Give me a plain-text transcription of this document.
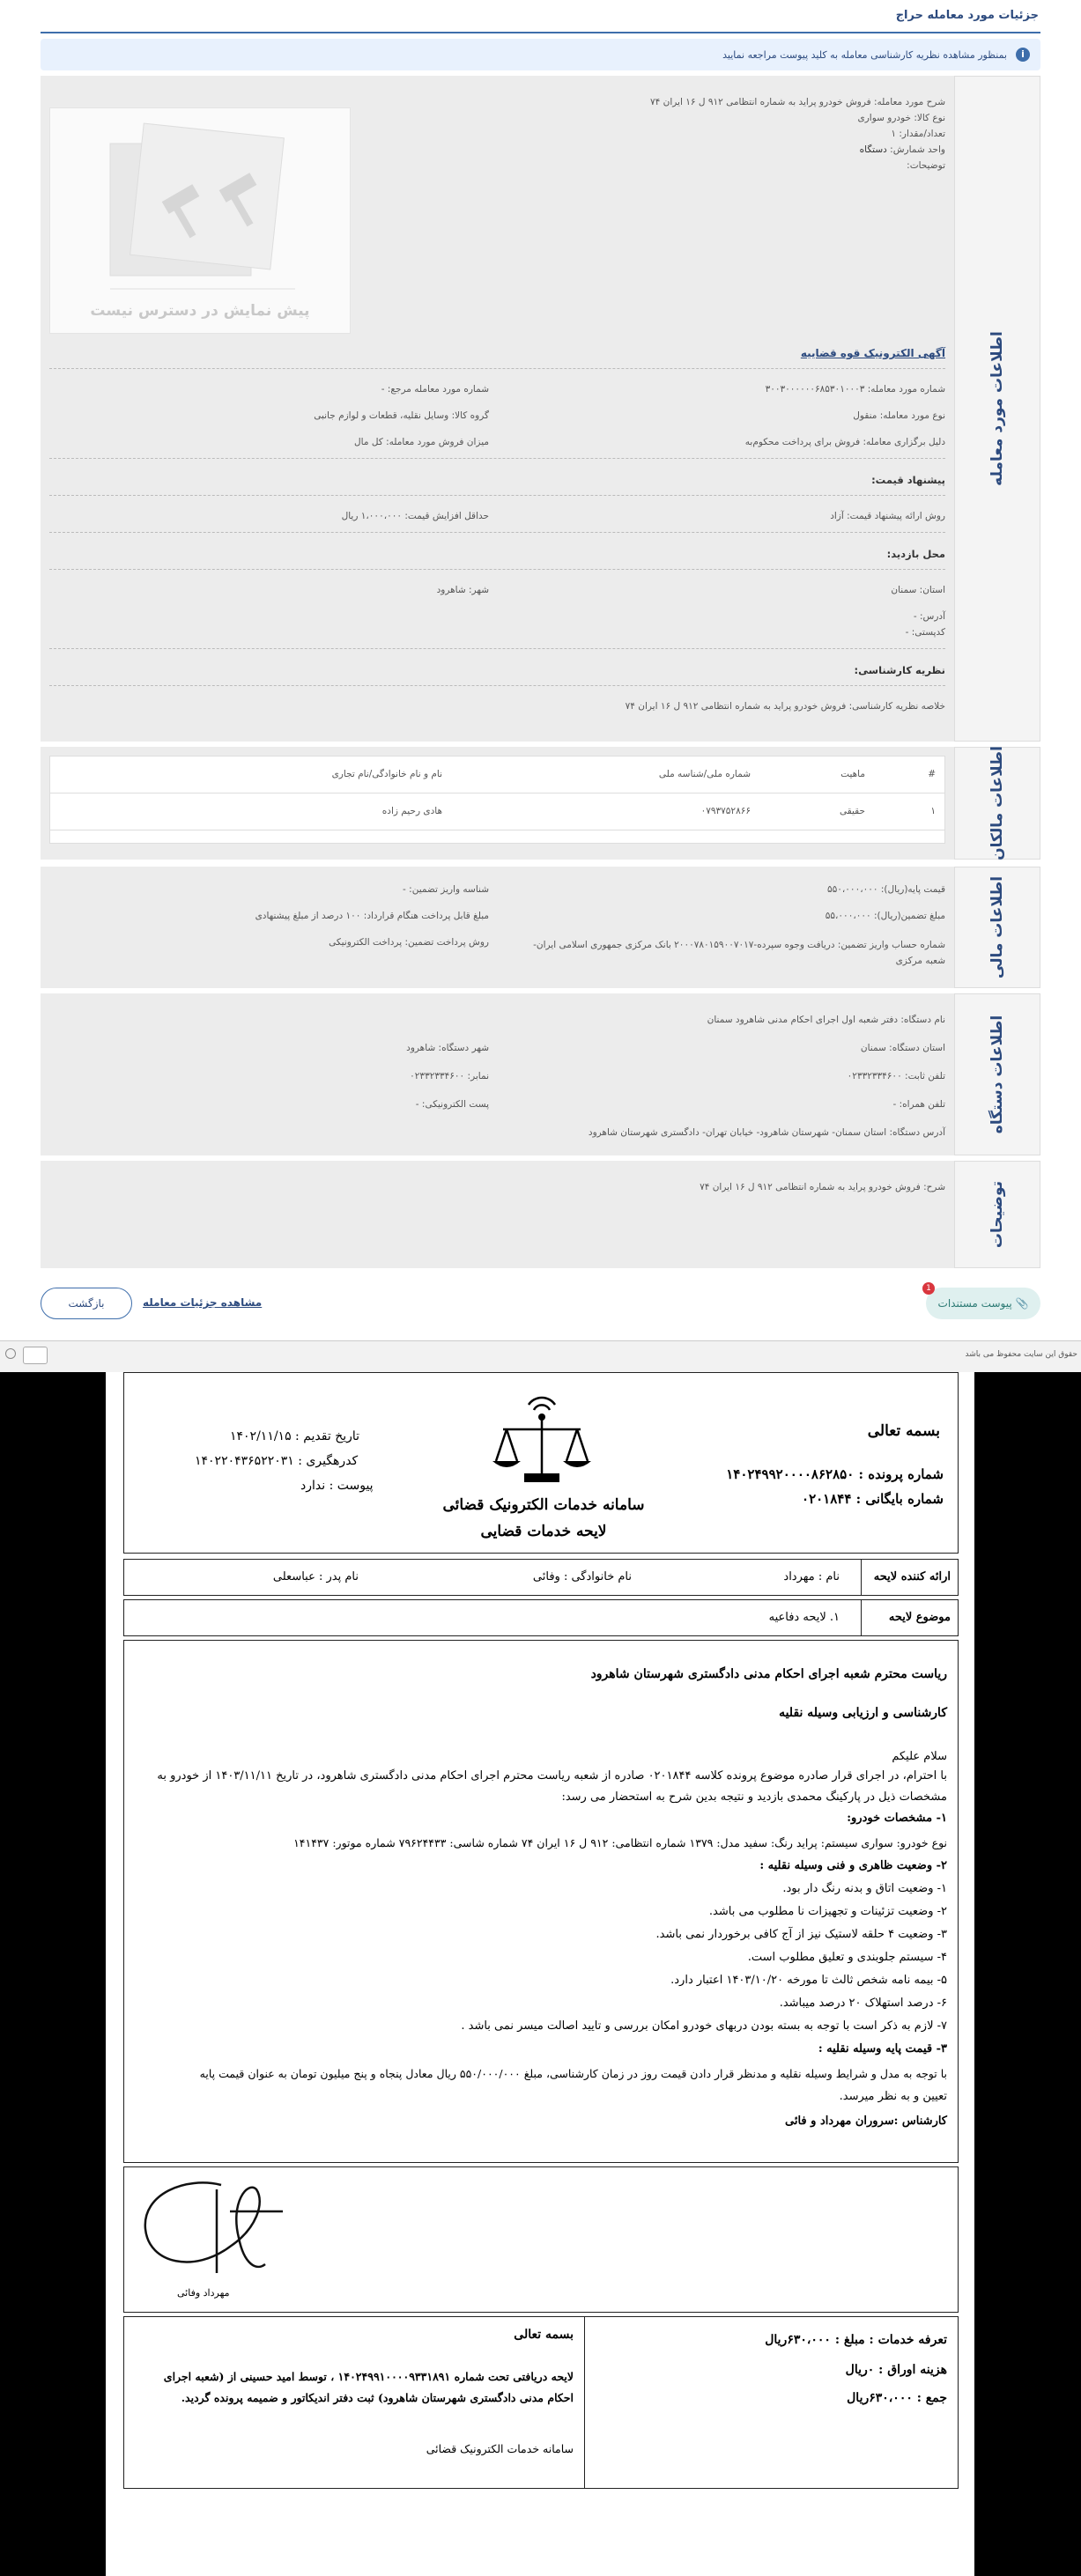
جزئیات مورد معامله حراج
i
بمنظور مشاهده نظریه کارشناسی معامله به کلید پیوست مراجعه نمایید
اطلاعات مورد معامله
شرح مورد معامله: فروش خودرو پراید به شماره انتظامی ۹۱۲ ل ۱۶ ایران ۷۴
نوع کالا: خودرو سواری
تعداد/مقدار: ۱
واحد شمارش: دستگاه
توضیحات:
پیش نمایش در دسترس نیست
آگهی الکترونیک قوه قضاییه
شماره مورد معامله: ۳۰۰۳۰۰۰۰۰۰۶۸۵۳۰۱۰۰۰۳
شماره مورد معامله مرجع: -
نوع مورد معامله: منقول
گروه کالا: وسایل نقلیه، قطعات و لوازم جانبی
دلیل برگزاری معامله: فروش برای پرداخت محکوم‌به
میزان فروش مورد معامله: کل مال
پیشنهاد قیمت:
روش ارائه پیشنهاد قیمت: آزاد
حداقل افزایش قیمت: ۱،۰۰۰،۰۰۰ ریال
محل بازدید:
استان: سمنان
شهر: شاهرود
آدرس: -
کدپستی: -
نظریه کارشناسی:
خلاصه نظریه کارشناسی: فروش خودرو پراید به شماره انتظامی ۹۱۲ ل ۱۶ ایران ۷۴
اطلاعات مالکان
#
ماهیت
شماره ملی/شناسه ملی
نام و نام خانوادگی/نام تجاری
۱
حقیقی
۰۷۹۳۷۵۲۸۶۶
هادی رحیم زاده
اطلاعات مالی
قیمت پایه(ریال): ۵۵۰،۰۰۰،۰۰۰
شناسه واریز تضمین: -
مبلغ تضمین(ریال): ۵۵،۰۰۰،۰۰۰
مبلغ قابل پرداخت هنگام قرارداد: ۱۰۰ درصد از مبلغ پیشنهادی
شماره حساب واریز تضمین: دریافت وجوه سپرده-۲۰۰۰۷۸۰۱۵۹۰۰۷۰۱۷ بانک مرکزی جمهوری اسلامی ایران- شعبه مرکزی
روش پرداخت تضمین: پرداخت الکترونیکی
اطلاعات دستگاه
نام دستگاه: دفتر شعبه اول اجرای احکام مدنی شاهرود سمنان
استان دستگاه: سمنان
شهر دستگاه: شاهرود
تلفن ثابت: ۰۲۳۳۲۳۳۴۶۰۰
نمابر: ۰۲۳۳۲۳۳۴۶۰۰
تلفن همراه: -
پست الکترونیکی: -
آدرس دستگاه: استان سمنان- شهرستان شاهرود- خیابان تهران- دادگستری شهرستان شاهرود
توضیحات
شرح: فروش خودرو پراید به شماره انتظامی ۹۱۲ ل ۱۶ ایران ۷۴
بازگشت	مشاهده جزئیات معامله
1
📎 پیوست مستندات
حقوق این سایت محفوظ می باشد
بسمه تعالی
شماره پرونده : ۱۴۰۲۴۹۹۲۰۰۰۰۸۶۲۸۵۰
شماره بایگانی : ۰۲۰۱۸۴۴
تاریخ تقدیم : ۱۴۰۲/۱۱/۱۵
کدرهگیری : ۱۴۰۲۲۰۴۳۶۵۲۲۰۳۱
پیوست : ندارد
سامانه خدمات الکترونیک قضائی
لایحه خدمات قضایی
ارائه کننده لایحه
نام : مهرداد
نام خانوادگی : وفائی
نام پدر : عباسعلی
موضوع لایحه
۱. لایحه دفاعیه
ریاست محترم شعبه اجرای احکام مدنی دادگستری شهرستان شاهرود
کارشناسی و ارزیابی وسیله نقلیه
سلام علیکم
با احترام، در اجرای قرار صادره موضوع پرونده کلاسه ۰۲۰۱۸۴۴ صادره از شعبه ریاست محترم اجرای احکام مدنی دادگستری شاهرود، در تاریخ ۱۴۰۳/۱۱/۱۱ از خودرو به
مشخصات ذیل در پارکینگ محمدی بازدید و نتیجه بدین شرح به استحضار می رسد:
۱- مشخصات خودرو:
نوع خودرو: سواری سیستم: پراید رنگ: سفید مدل: ۱۳۷۹ شماره انتظامی: ۹۱۲ ل ۱۶ ایران ۷۴ شماره شاسی: ۷۹۶۲۴۴۳۳ شماره موتور: ۱۴۱۴۳۷
۲- وضعیت ظاهری و فنی وسیله نقلیه :
۱- وضعیت اتاق و بدنه رنگ دار بود.
۲- وضعیت تزئینات و تجهیزات نا مطلوب می باشد.
۳- وضعیت ۴ حلقه لاستیک نیز از آج کافی برخوردار نمی باشد.
۴- سیستم جلوبندی و تعلیق مطلوب است.
۵- بیمه نامه شخص ثالث تا مورخه ۱۴۰۳/۱۰/۲۰ اعتبار دارد.
۶- درصد استهلاک ۲۰ درصد میباشد.
۷- لازم به ذکر است با توجه به بسته بودن دربهای خودرو امکان بررسی و تایید اصالت میسر نمی باشد .
۳- قیمت پایه وسیله نقلیه :
با توجه به مدل و شرایط وسیله نقلیه و مدنظر قرار دادن قیمت روز در زمان کارشناسی، مبلغ ۵۵۰/۰۰۰/۰۰۰ ریال معادل پنجاه و پنج میلیون تومان به عنوان قیمت پایه
تعیین و به نظر میرسد.
کارشناس :سروران مهرداد و فائی
مهرداد وفائی
تعرفه خدمات : مبلغ : ۶۳۰،۰۰۰ریال
هزینه اوراق : ۰ریال
جمع : ۶۳۰،۰۰۰ریال
بسمه تعالی
لایحه دریافتی تحت شماره ۱۴۰۲۴۹۹۱۰۰۰۰۹۳۳۱۸۹۱ ، توسط امید حسینی از (شعبه اجرای
احکام مدنی دادگستری شهرستان شاهرود) ثبت دفتر اندیکاتور و ضمیمه پرونده گردید.
سامانه خدمات الکترونیک قضائی
